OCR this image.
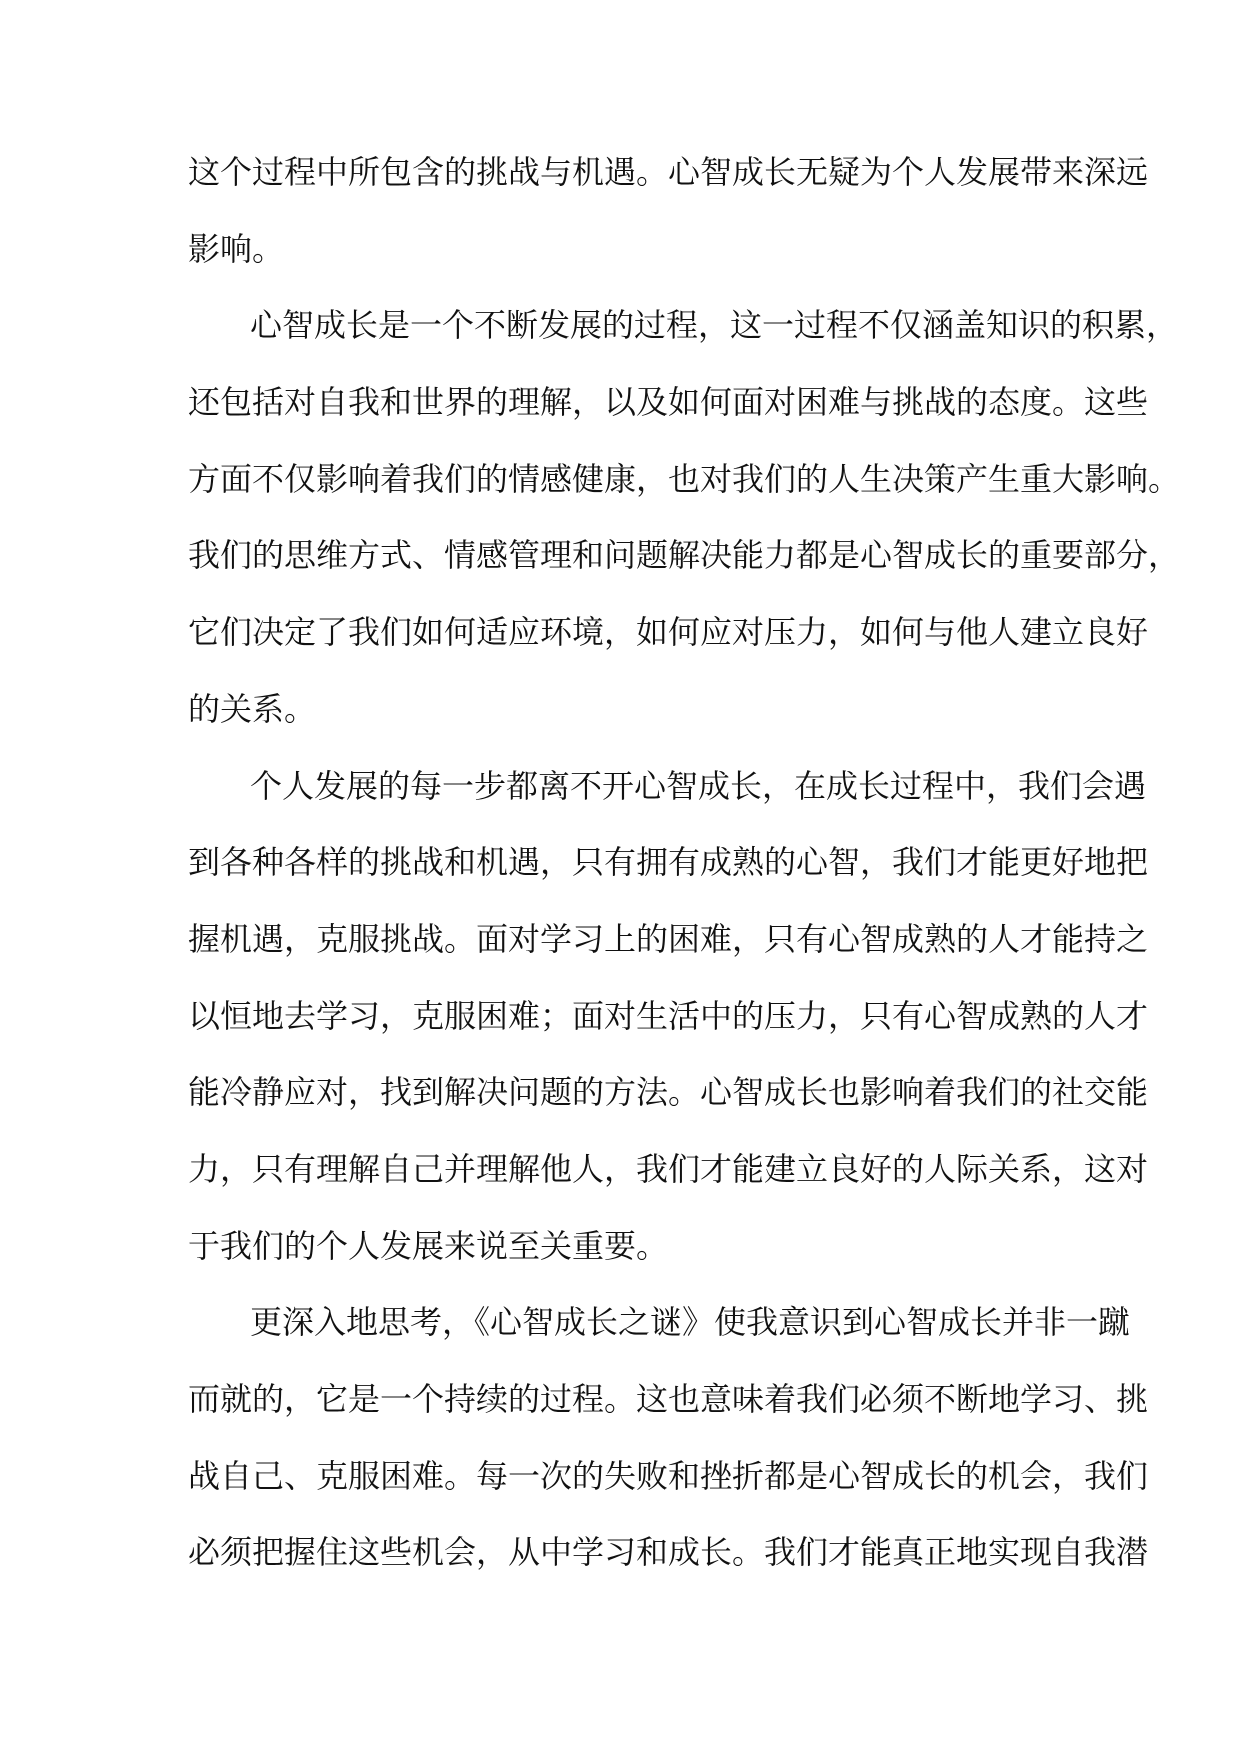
这个过程中所包含的挑战与机遇。心智成长无疑为个人发展带来深远
影响。
心智成长是一个不断发展的过程，这一过程不仅涵盖知识的积累，
还包括对自我和世界的理解，以及如何面对困难与挑战的态度。这些
方面不仅影响着我们的情感健康，也对我们的人生决策产生重大影响。
我们的思维方式、情感管理和问题解决能力都是心智成长的重要部分，
它们决定了我们如何适应环境，如何应对压力，如何与他人建立良好
的关系。
个人发展的每一步都离不开心智成长，在成长过程中，我们会遇
到各种各样的挑战和机遇，只有拥有成熟的心智，我们才能更好地把
握机遇，克服挑战。面对学习上的困难，只有心智成熟的人才能持之
以恒地去学习，克服困难；面对生活中的压力，只有心智成熟的人才
能冷静应对，找到解决问题的方法。心智成长也影响着我们的社交能
力，只有理解自己并理解他人，我们才能建立良好的人际关系，这对
于我们的个人发展来说至关重要。
更深入地思考，《心智成长之谜》使我意识到心智成长并非一蹴
而就的，它是一个持续的过程。这也意味着我们必须不断地学习、挑
战自己、克服困难。每一次的失败和挫折都是心智成长的机会，我们
必须把握住这些机会，从中学习和成长。我们才能真正地实现自我潜
